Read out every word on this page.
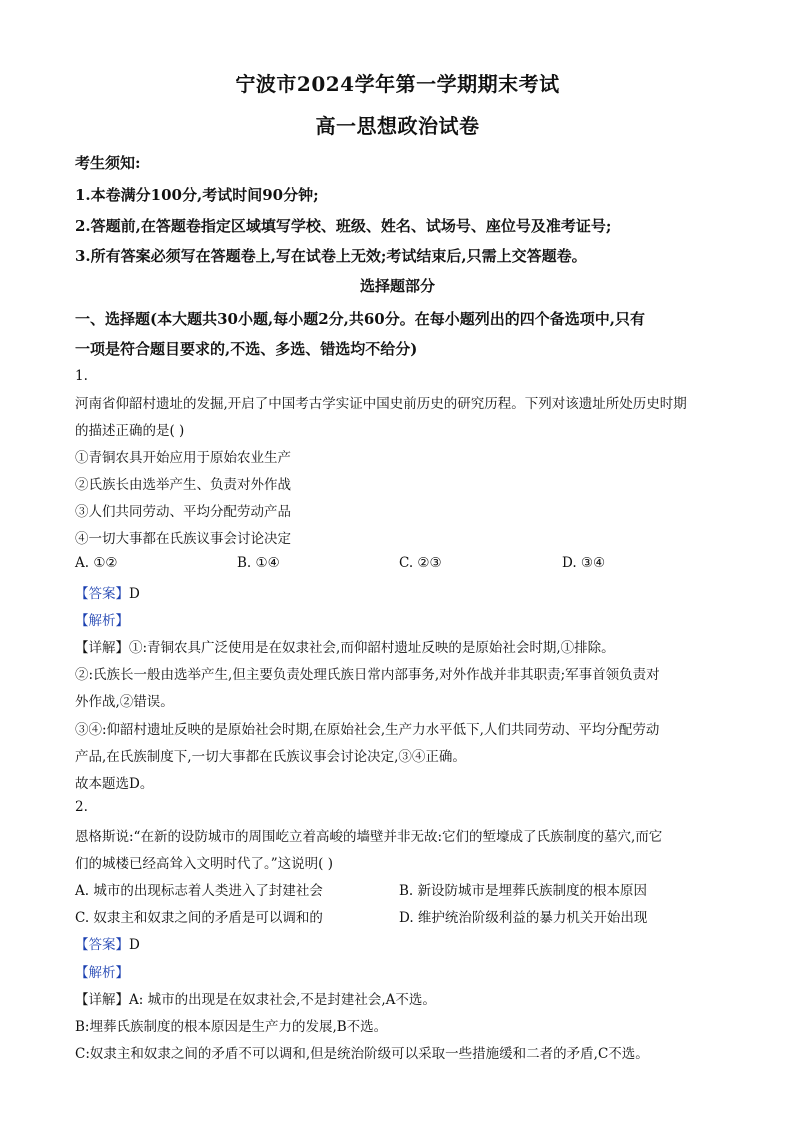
宁波市2024学年第一学期期末考试
高一思想政治试卷
考生须知:
1.本卷满分100分,考试时间90分钟;
2.答题前,在答题卷指定区域填写学校、班级、姓名、试场号、座位号及准考证号;
3.所有答案必须写在答题卷上,写在试卷上无效;考试结束后,只需上交答题卷。
选择题部分
一、选择题(本大题共30小题,每小题2分,共60分。在每小题列出的四个备选项中,只有
一项是符合题目要求的,不选、多选、错选均不给分)
1.
河南省仰韶村遗址的发掘,开启了中国考古学实证中国史前历史的研究历程。下列对该遗址所处历史时期
的描述正确的是( )
①青铜农具开始应用于原始农业生产
②氏族长由选举产生、负责对外作战
③人们共同劳动、平均分配劳动产品
④一切大事都在氏族议事会讨论决定
A. ①②	B. ①④	C. ②③	D. ③④
【答案】D
【解析】
【详解】①:青铜农具广泛使用是在奴隶社会,而仰韶村遗址反映的是原始社会时期,①排除。
②:氏族长一般由选举产生,但主要负责处理氏族日常内部事务,对外作战并非其职责;军事首领负责对
外作战,②错误。
③④:仰韶村遗址反映的是原始社会时期,在原始社会,生产力水平低下,人们共同劳动、平均分配劳动
产品,在氏族制度下,一切大事都在氏族议事会讨论决定,③④正确。
故本题选D。
2.
恩格斯说:“在新的设防城市的周围屹立着高峻的墙壁并非无故:它们的堑壕成了氏族制度的墓穴,而它
们的城楼已经高耸入文明时代了。”这说明( )
A. 城市的出现标志着人类进入了封建社会	B. 新设防城市是埋葬氏族制度的根本原因
C. 奴隶主和奴隶之间的矛盾是可以调和的	D. 维护统治阶级利益的暴力机关开始出现
【答案】D
【解析】
【详解】A: 城市的出现是在奴隶社会,不是封建社会,A不选。
B:埋葬氏族制度的根本原因是生产力的发展,B不选。
C:奴隶主和奴隶之间的矛盾不可以调和,但是统治阶级可以采取一些措施缓和二者的矛盾,C不选。
